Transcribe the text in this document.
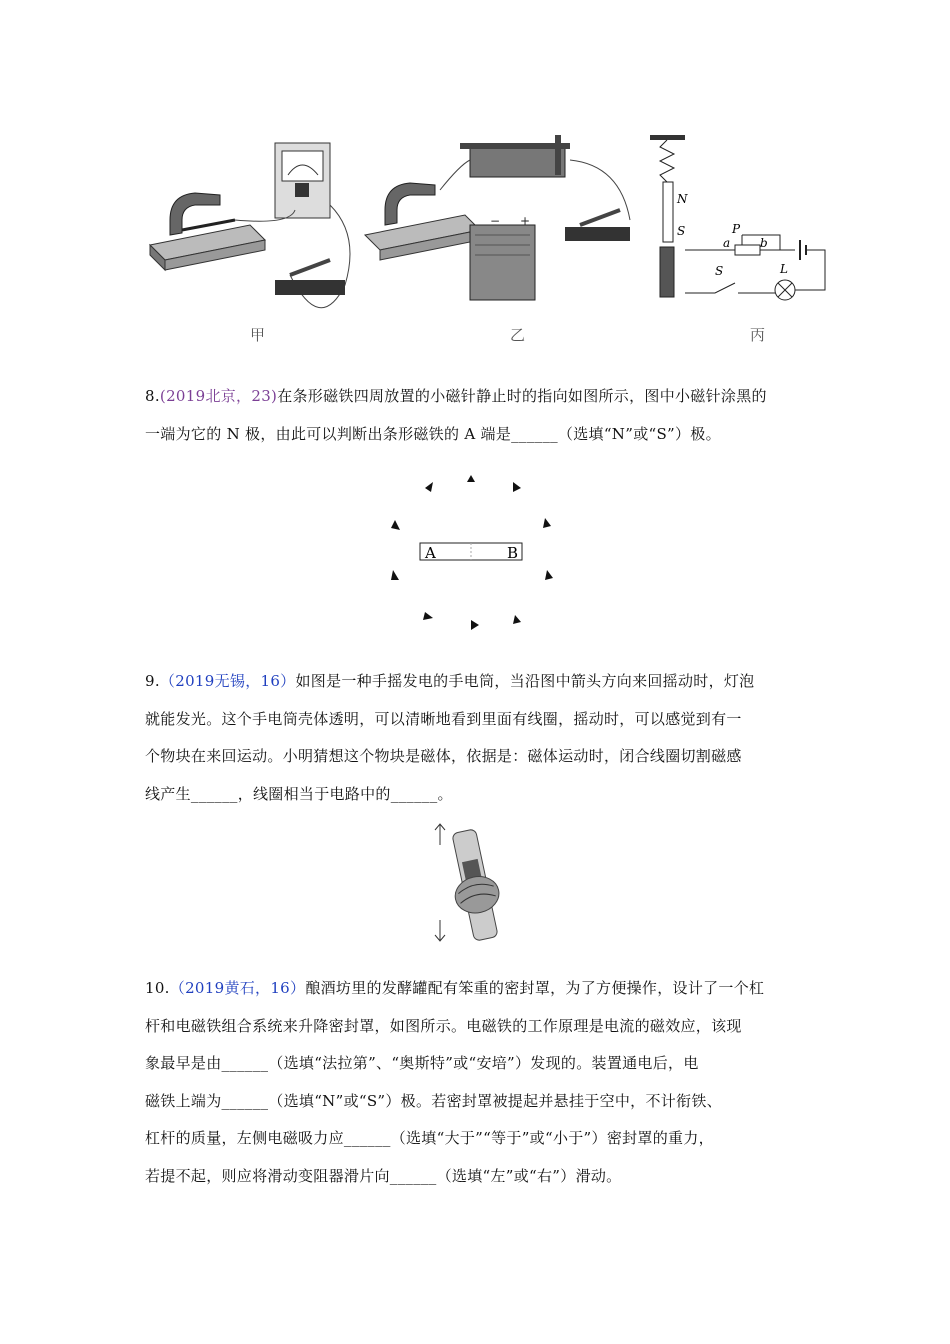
甲
− +
乙
N
S
a b
P
L
S
丙
8.(2019北京，23)在条形磁铁四周放置的小磁针静止时的指向如图所示，图中小磁针涂黑的
一端为它的 N 极，由此可以判断出条形磁铁的 A 端是______（选填“N”或“S”）极。
A	B
9.（2019无锡，16）如图是一种手摇发电的手电筒，当沿图中箭头方向来回摇动时，灯泡
就能发光。这个手电筒壳体透明，可以清晰地看到里面有线圈，摇动时，可以感觉到有一
个物块在来回运动。小明猜想这个物块是磁体，依据是：磁体运动时，闭合线圈切割磁感
线产生______，线圈相当于电路中的______。
10.（2019黄石，16）酿酒坊里的发酵罐配有笨重的密封罩，为了方便操作，设计了一个杠
杆和电磁铁组合系统来升降密封罩，如图所示。电磁铁的工作原理是电流的磁效应，该现
象最早是由______（选填“法拉第”、“奥斯特”或“安培”）发现的。装置通电后，电
磁铁上端为______（选填“N”或“S”）极。若密封罩被提起并悬挂于空中，不计衔铁、
杠杆的质量，左侧电磁吸力应______（选填“大于”“等于”或“小于”）密封罩的重力，
若提不起，则应将滑动变阻器滑片向______（选填“左”或“右”）滑动。
